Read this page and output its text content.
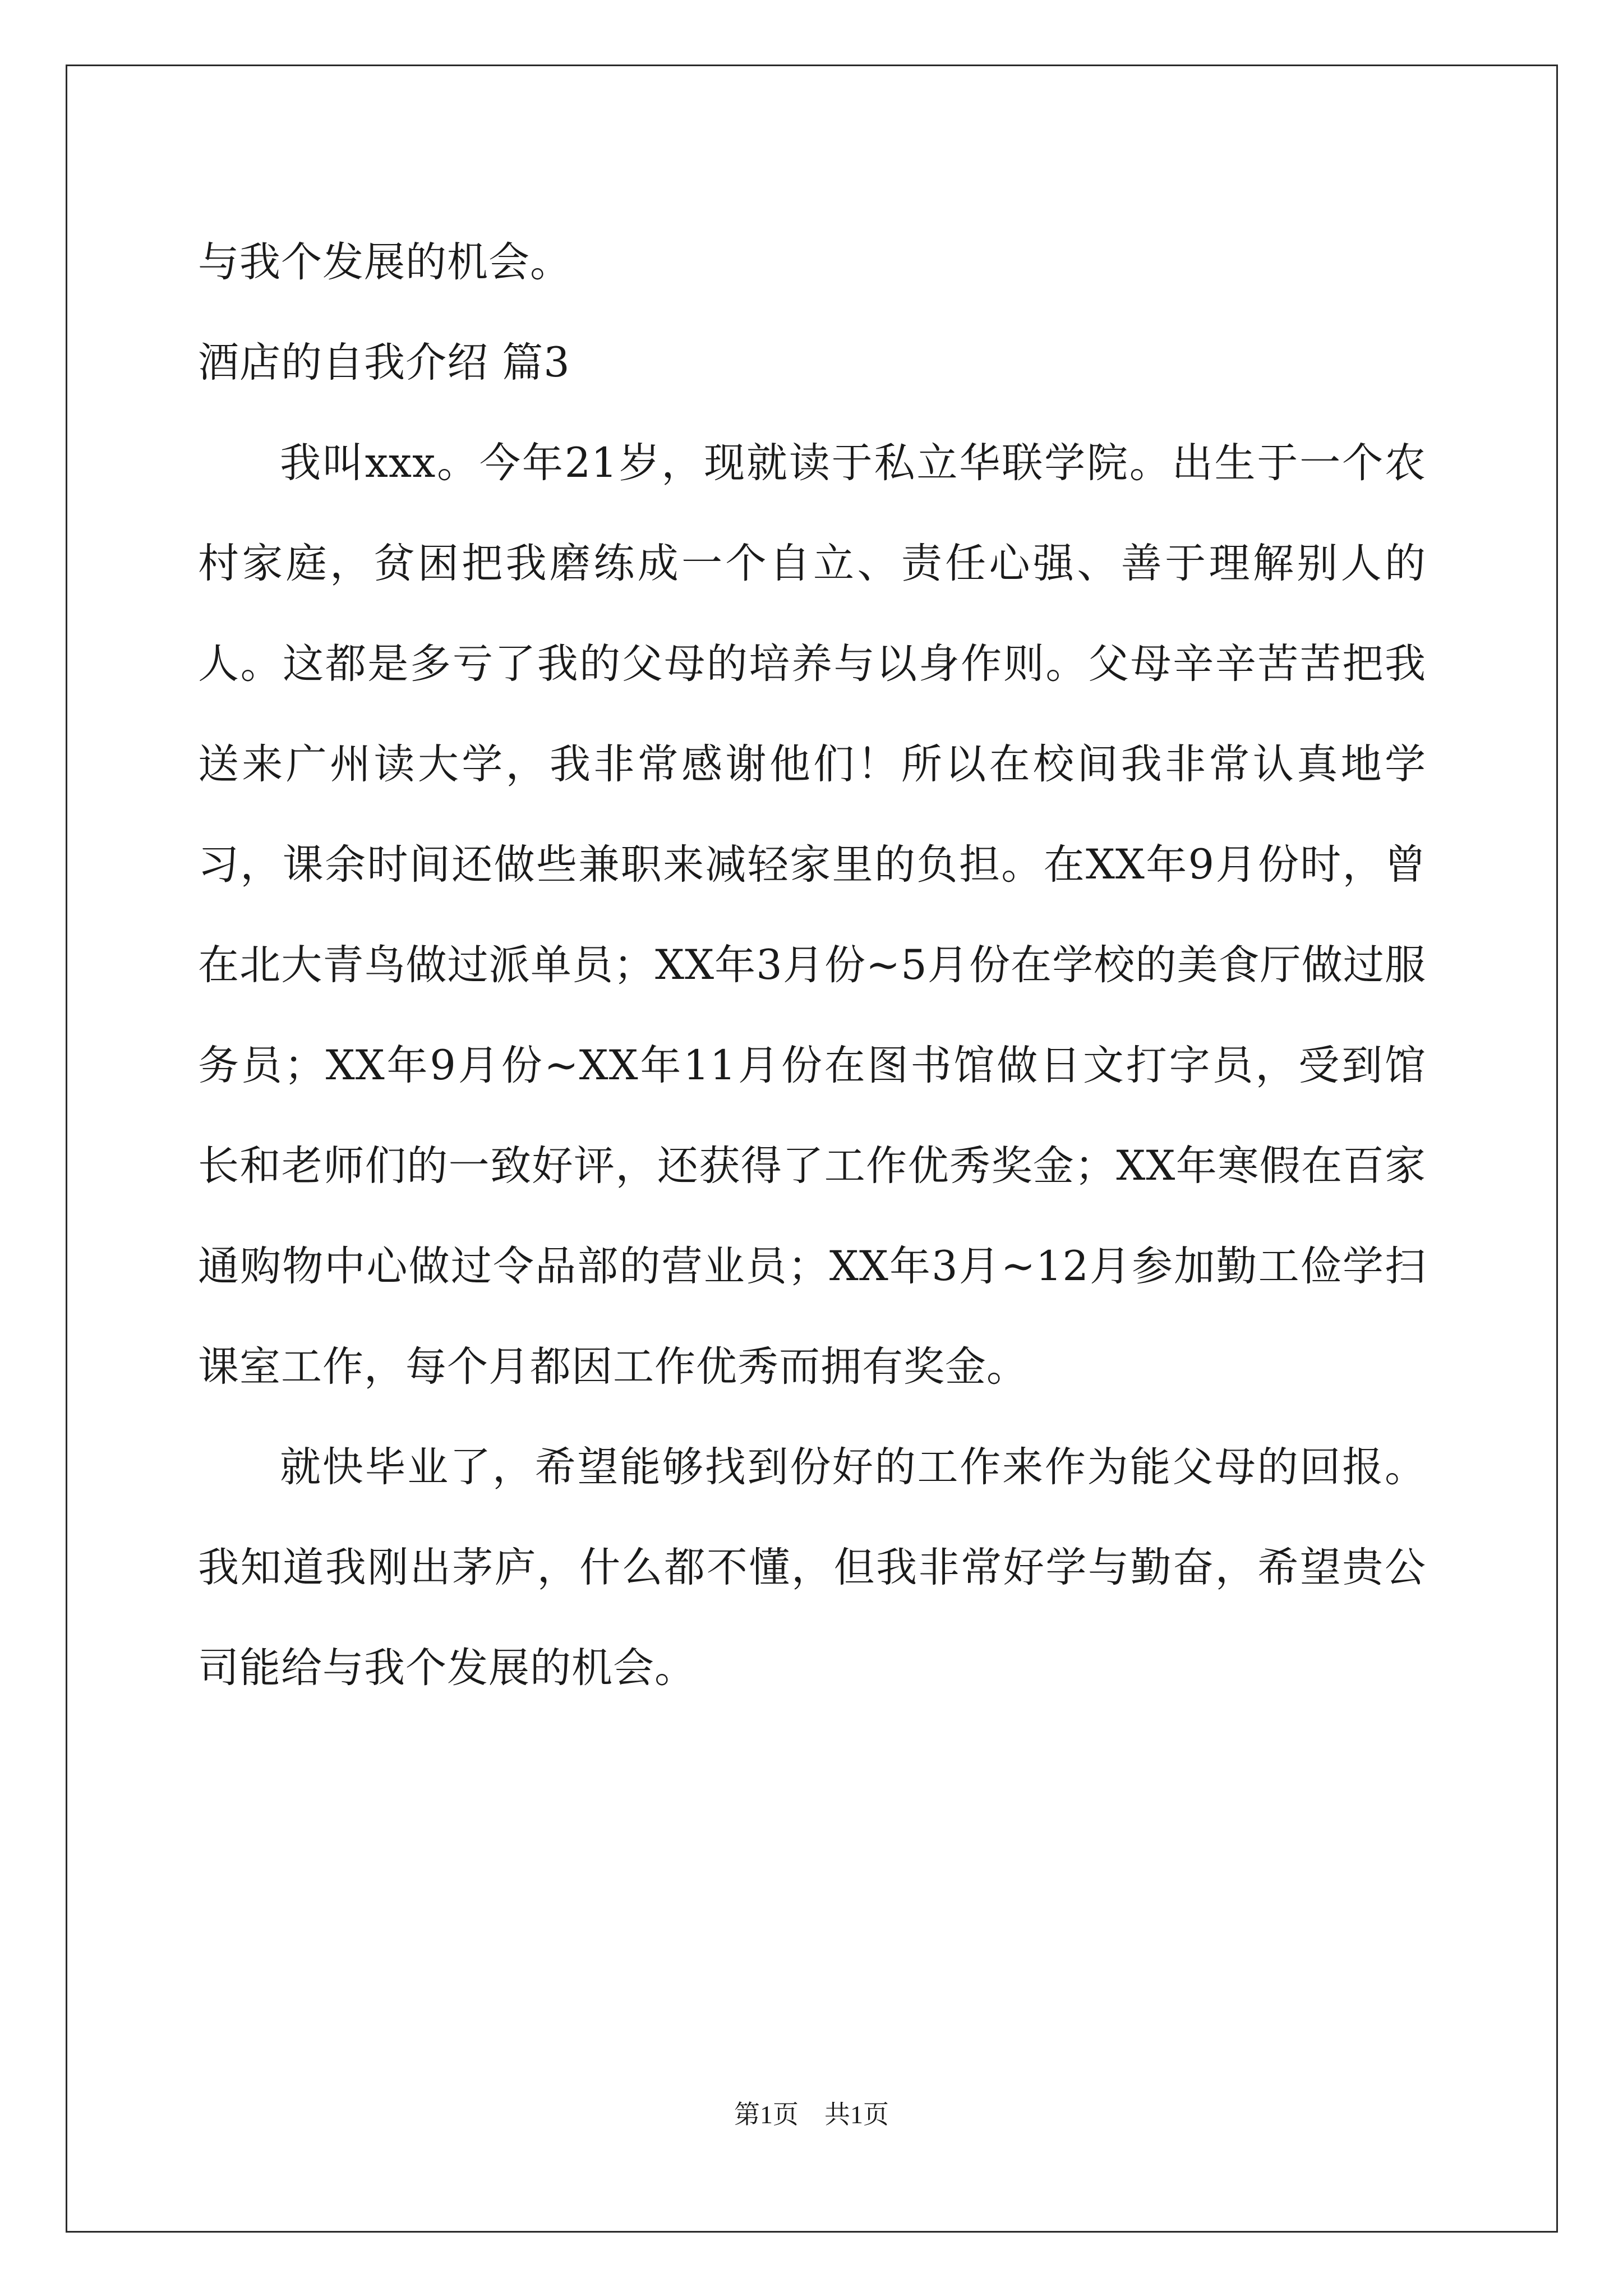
与我个发展的机会。

酒店的自我介绍 篇3

我叫xxx。今年21岁，现就读于私立华联学院。出生于一个农村家庭，贫困把我磨练成一个自立、责任心强、善于理解别人的人。这都是多亏了我的父母的培养与以身作则。父母辛辛苦苦把我送来广州读大学，我非常感谢他们！所以在校间我非常认真地学习，课余时间还做些兼职来减轻家里的负担。在XX年9月份时，曾在北大青鸟做过派单员；XX年3月份~5月份在学校的美食厅做过服务员；XX年9月份~XX年11月份在图书馆做日文打字员，受到馆长和老师们的一致好评，还获得了工作优秀奖金；XX年寒假在百家通购物中心做过令品部的营业员；XX年3月~12月参加勤工俭学扫课室工作，每个月都因工作优秀而拥有奖金。

就快毕业了，希望能够找到份好的工作来作为能父母的回报。我知道我刚出茅庐，什么都不懂，但我非常好学与勤奋，希望贵公司能给与我个发展的机会。

第1页 共1页
